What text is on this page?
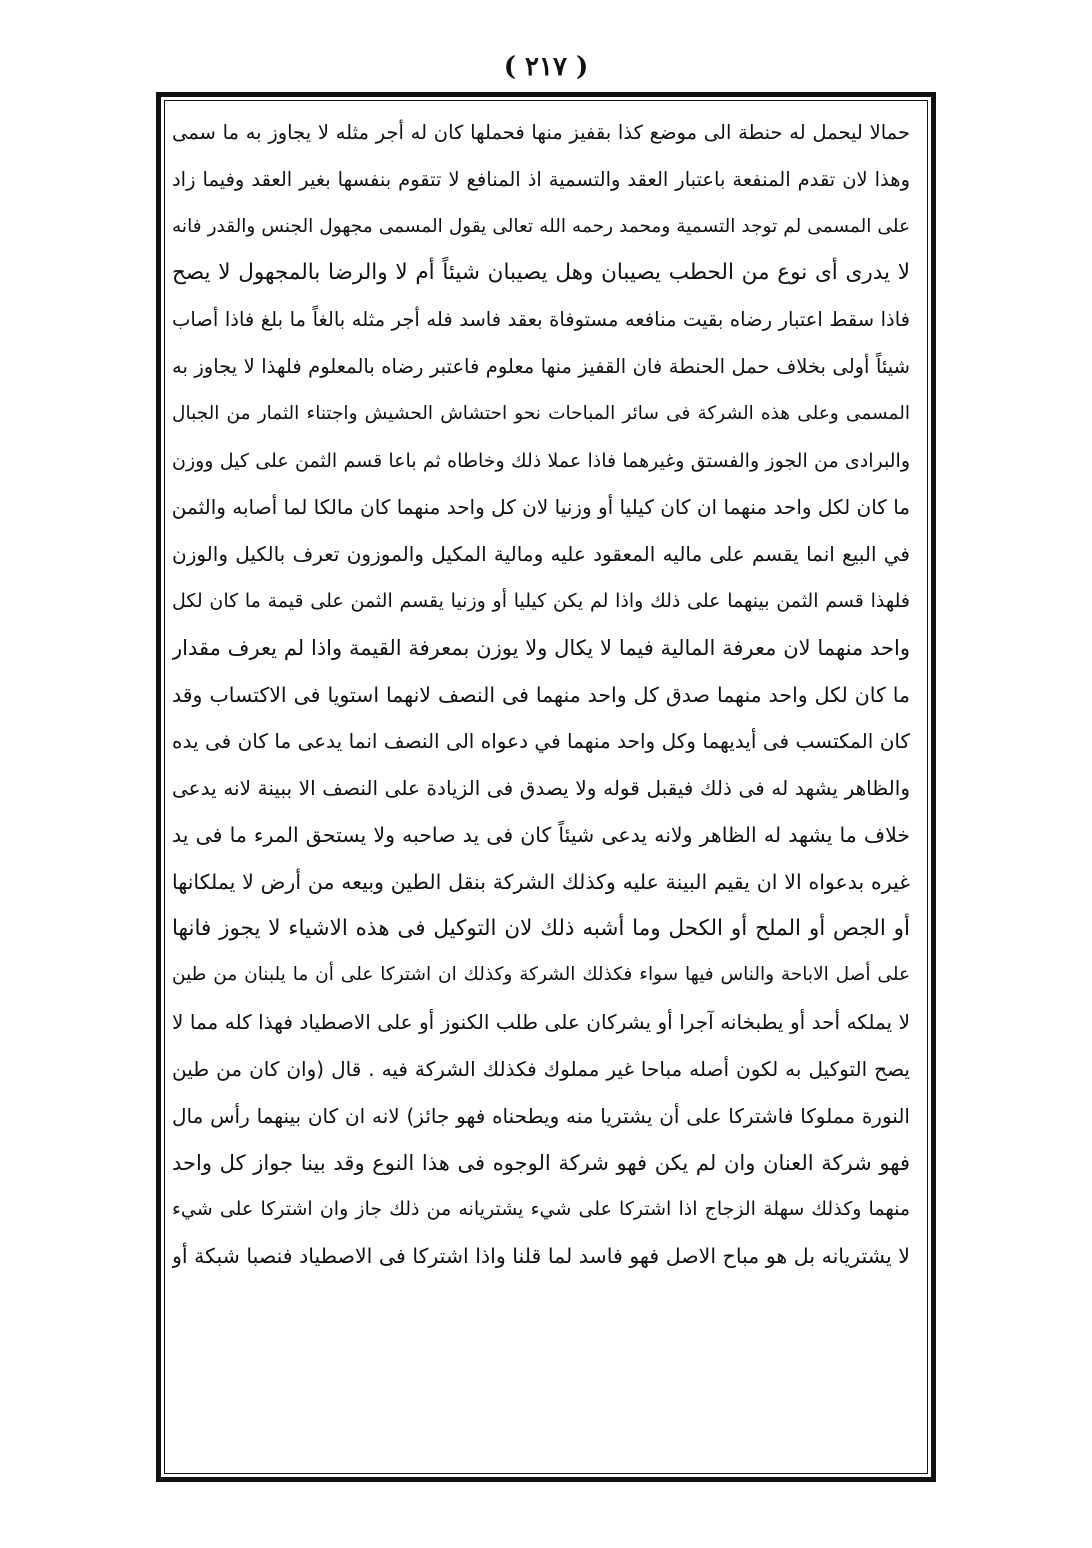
( ٢١٧ )
حمالا ليحمل له حنطة الى موضع كذا بقفيز منها فحملها كان له أجر مثله لا يجاوز به ما سمى
وهذا لان تقدم المنفعة باعتبار العقد والتسمية اذ المنافع لا تتقوم بنفسها بغير العقد وفيما زاد
على المسمى لم توجد التسمية ومحمد رحمه الله تعالى يقول المسمى مجهول الجنس والقدر فانه
لا يدرى أى نوع من الحطب يصيبان وهل يصيبان شيئاً أم لا والرضا بالمجهول لا يصح
فاذا سقط اعتبار رضاه بقيت منافعه مستوفاة بعقد فاسد فله أجر مثله بالغاً ما بلغ فاذا أصاب
شيئاً أولى بخلاف حمل الحنطة فان القفيز منها معلوم فاعتبر رضاه بالمعلوم فلهذا لا يجاوز به
المسمى وعلى هذه الشركة فى سائر المباحات نحو احتشاش الحشيش واجتناء الثمار من الجبال
والبرادى من الجوز والفستق وغيرهما فاذا عملا ذلك وخاطاه ثم باعا قسم الثمن على كيل ووزن
ما كان لكل واحد منهما ان كان كيليا أو وزنيا لان كل واحد منهما كان مالكا لما أصابه والثمن
في البيع انما يقسم على ماليه المعقود عليه ومالية المكيل والموزون تعرف بالكيل والوزن
فلهذا قسم الثمن بينهما على ذلك واذا لم يكن كيليا أو وزنيا يقسم الثمن على قيمة ما كان لكل
واحد منهما لان معرفة المالية فيما لا يكال ولا يوزن بمعرفة القيمة واذا لم يعرف مقدار
ما كان لكل واحد منهما صدق كل واحد منهما فى النصف لانهما استويا فى الاكتساب وقد
كان المكتسب فى أيديهما وكل واحد منهما في دعواه الى النصف انما يدعى ما كان فى يده
والظاهر يشهد له فى ذلك فيقبل قوله ولا يصدق فى الزيادة على النصف الا ببينة لانه يدعى
خلاف ما يشهد له الظاهر ولانه يدعى شيئاً كان فى يد صاحبه ولا يستحق المرء ما فى يد
غيره بدعواه الا ان يقيم البينة عليه وكذلك الشركة بنقل الطين وبيعه من أرض لا يملكانها
أو الجص أو الملح أو الكحل وما أشبه ذلك لان التوكيل فى هذه الاشياء لا يجوز فانها
على أصل الاباحة والناس فيها سواء فكذلك الشركة وكذلك ان اشتركا على أن ما يلبنان من طين
لا يملكه أحد أو يطبخانه آجرا أو يشركان على طلب الكنوز أو على الاصطياد فهذا كله مما لا
يصح التوكيل به لكون أصله مباحا غير مملوك فكذلك الشركة فيه . قال (وان كان من طين
النورة مملوكا فاشتركا على أن يشتريا منه ويطحناه فهو جائز) لانه ان كان بينهما رأس مال
فهو شركة العنان وان لم يكن فهو شركة الوجوه فى هذا النوع وقد بينا جواز كل واحد
منهما وكذلك سهلة الزجاج اذا اشتركا على شيء يشتريانه من ذلك جاز وان اشتركا على شيء
لا يشتريانه بل هو مباح الاصل فهو فاسد لما قلنا واذا اشتركا فى الاصطياد فنصبا شبكة أو
